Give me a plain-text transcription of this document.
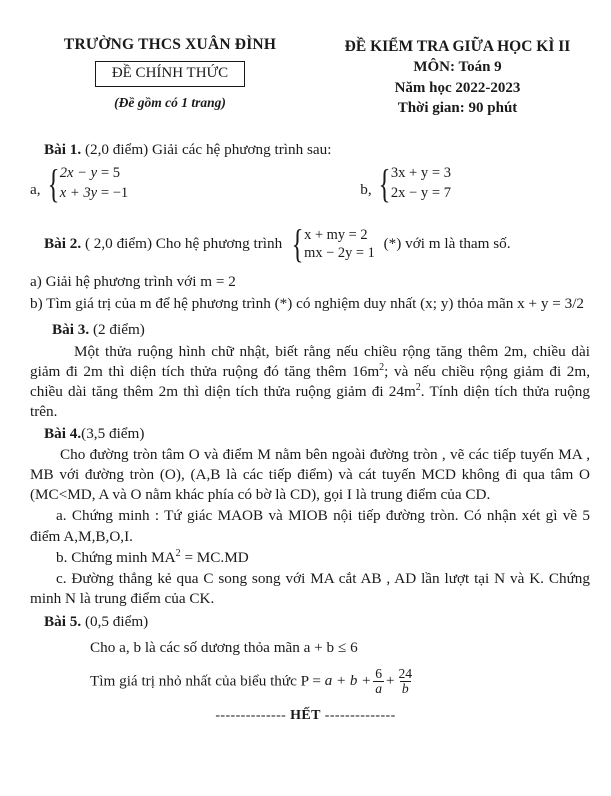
TRƯỜNG THCS XUÂN ĐÌNH
ĐỀ CHÍNH THỨC
(Đề gồm có 1 trang)
ĐỀ KIỂM TRA GIỮA HỌC KÌ II
MÔN: Toán 9
Năm học 2022-2023
Thời gian: 90 phút
Bài 1. (2,0 điểm) Giải các hệ phương trình sau:
a, { 2x − y = 5
x + 3y = −1	b, { 3x + y = 3
2x − y = 7
Bài 2. ( 2,0 điểm) Cho hệ phương trình { x + my = 2
mx − 2y = 1
(*) với m là tham số.
a) Giải hệ phương trình với m = 2
b) Tìm giá trị của m để hệ phương trình (*) có nghiệm duy nhất (x; y) thỏa mãn x + y = 3/2
Bài 3. (2 điểm)
Một thửa ruộng hình chữ nhật, biết rằng nếu chiều rộng tăng thêm 2m, chiều dài giảm đi 2m thì diện tích thửa ruộng đó tăng thêm $16m^2$; và nếu chiều rộng giảm đi 2m, chiều dài tăng thêm 2m thì diện tích thửa ruộng giảm đi $24m^2$. Tính diện tích thửa ruộng trên.
Bài 4.(3,5 điểm)
Cho đường tròn tâm O và điểm M nằm bên ngoài đường tròn , vẽ các tiếp tuyến MA , MB với đường tròn (O), (A,B là các tiếp điểm) và cát tuyến MCD không đi qua tâm O (MC<MD, A và O nằm khác phía có bờ là CD), gọi I là trung điểm của CD.
a. Chứng minh : Tứ giác MAOB và MIOB nội tiếp đường tròn. Có nhận xét gì về 5 điểm A,M,B,O,I.
b. Chứng minh $MA^2 = MC.MD$
c. Đường thẳng kẻ qua C song song với MA cắt AB , AD lần lượt tại N và K. Chứng minh N là trung điểm của CK.
Bài 5. (0,5 điểm)
Cho a, b là các số dương thỏa mãn a + b ≤ 6
Tìm giá trị nhỏ nhất của biểu thức $P = a + b + \frac{6}{a} + \frac{24}{b}$
-------------- HẾT --------------
